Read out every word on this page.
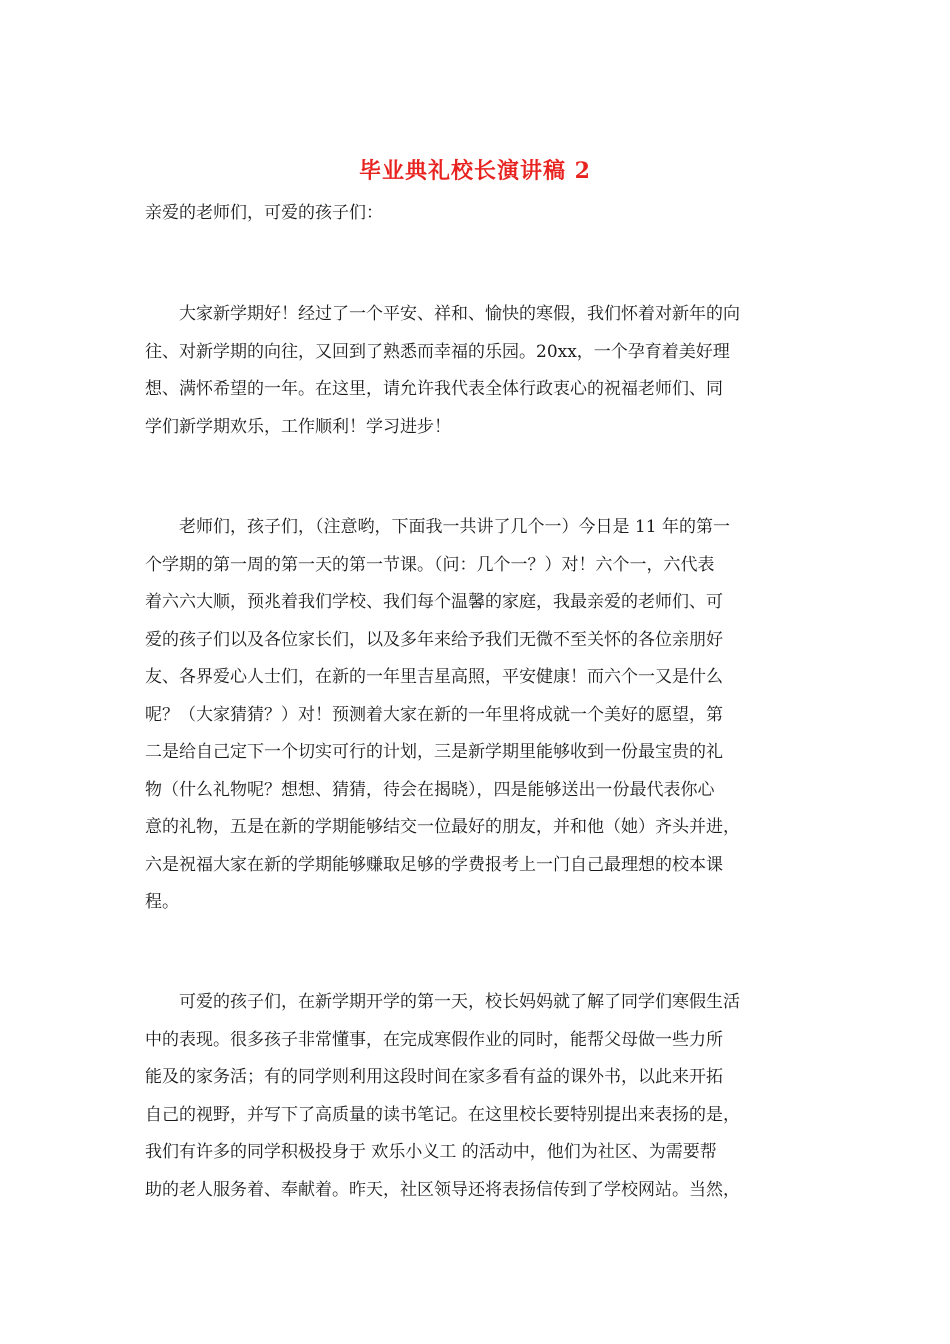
毕业典礼校长演讲稿 2

亲爱的老师们，可爱的孩子们：

　　大家新学期好！经过了一个平安、祥和、愉快的寒假，我们怀着对新年的向
往、对新学期的向往，又回到了熟悉而幸福的乐园。20xx，一个孕育着美好理
想、满怀希望的一年。在这里，请允许我代表全体行政衷心的祝福老师们、同
学们新学期欢乐，工作顺利！学习进步！
　　老师们，孩子们，（注意哟，下面我一共讲了几个一）今日是 11 年的第一
个学期的第一周的第一天的第一节课。（问：几个一？）对！六个一，六代表
着六六大顺，预兆着我们学校、我们每个温馨的家庭，我最亲爱的老师们、可
爱的孩子们以及各位家长们，以及多年来给予我们无微不至关怀的各位亲朋好
友、各界爱心人士们，在新的一年里吉星高照，平安健康！而六个一又是什么
呢？（大家猜猜？）对！预测着大家在新的一年里将成就一个美好的愿望，第
二是给自己定下一个切实可行的计划，三是新学期里能够收到一份最宝贵的礼
物（什么礼物呢？想想、猜猜，待会在揭晓），四是能够送出一份最代表你心
意的礼物，五是在新的学期能够结交一位最好的朋友，并和他（她）齐头并进，
六是祝福大家在新的学期能够赚取足够的学费报考上一门自己最理想的校本课
程。
　　可爱的孩子们，在新学期开学的第一天，校长妈妈就了解了同学们寒假生活
中的表现。很多孩子非常懂事，在完成寒假作业的同时，能帮父母做一些力所
能及的家务活；有的同学则利用这段时间在家多看有益的课外书，以此来开拓
自己的视野，并写下了高质量的读书笔记。在这里校长要特别提出来表扬的是，
我们有许多的同学积极投身于 欢乐小义工 的活动中，他们为社区、为需要帮
助的老人服务着、奉献着。昨天，社区领导还将表扬信传到了学校网站。当然，
